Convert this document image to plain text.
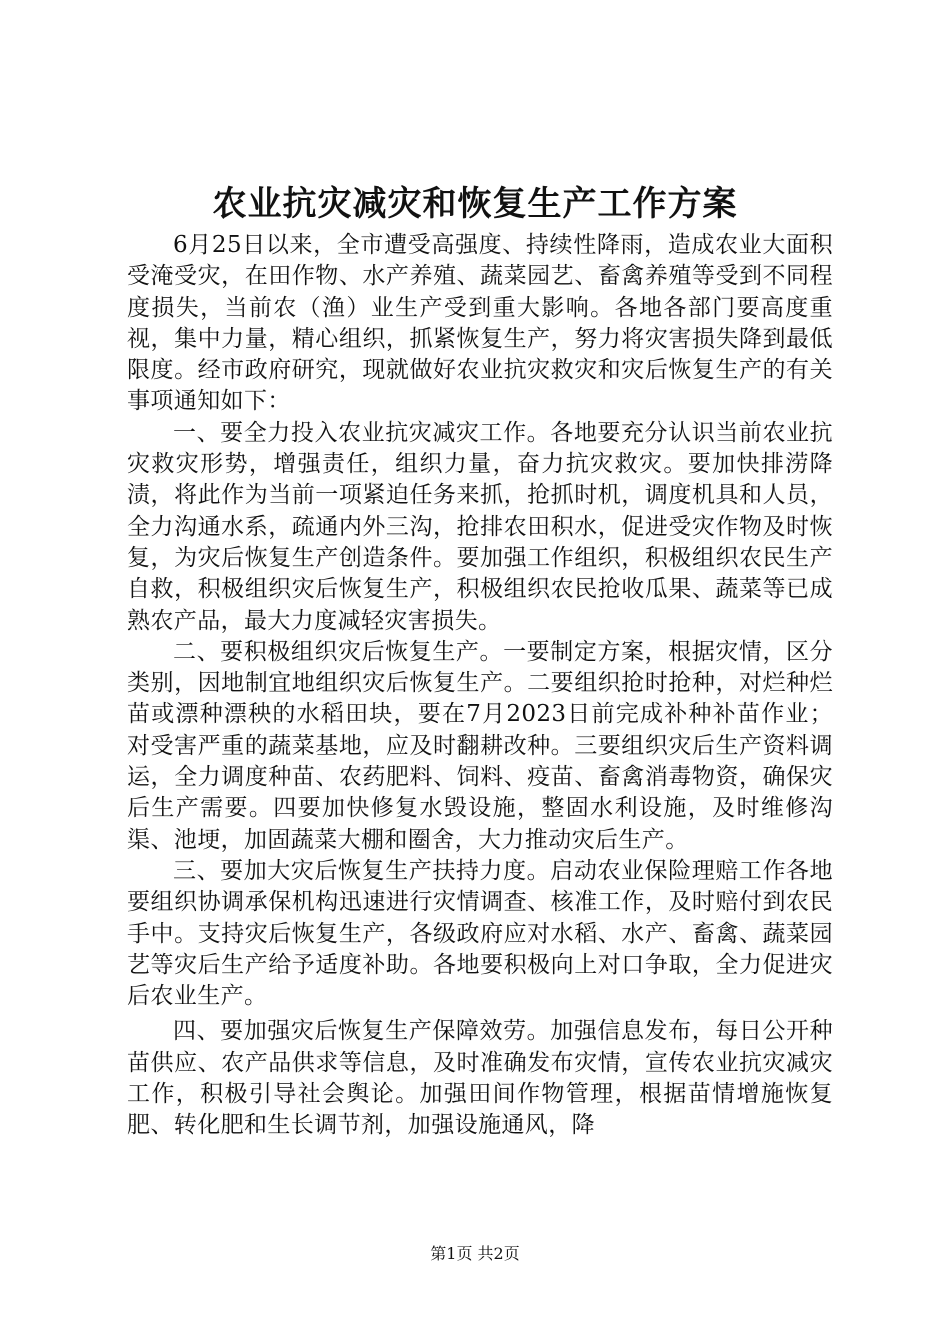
农业抗灾减灾和恢复生产工作方案

6月25日以来，全市遭受高强度、持续性降雨，造成农业大面积受淹受灾，在田作物、水产养殖、蔬菜园艺、畜禽养殖等受到不同程度损失，当前农（渔）业生产受到重大影响。各地各部门要高度重视，集中力量，精心组织，抓紧恢复生产，努力将灾害损失降到最低限度。经市政府研究，现就做好农业抗灾救灾和灾后恢复生产的有关事项通知如下：

一、要全力投入农业抗灾减灾工作。各地要充分认识当前农业抗灾救灾形势，增强责任，组织力量，奋力抗灾救灾。要加快排涝降渍，将此作为当前一项紧迫任务来抓，抢抓时机，调度机具和人员，全力沟通水系，疏通内外三沟，抢排农田积水，促进受灾作物及时恢复，为灾后恢复生产创造条件。要加强工作组织，积极组织农民生产自救，积极组织灾后恢复生产，积极组织农民抢收瓜果、蔬菜等已成熟农产品，最大力度减轻灾害损失。

二、要积极组织灾后恢复生产。一要制定方案，根据灾情，区分类别，因地制宜地组织灾后恢复生产。二要组织抢时抢种，对烂种烂苗或漂种漂秧的水稻田块，要在7月2023日前完成补种补苗作业；对受害严重的蔬菜基地，应及时翻耕改种。三要组织灾后生产资料调运，全力调度种苗、农药肥料、饲料、疫苗、畜禽消毒物资，确保灾后生产需要。四要加快修复水毁设施，整固水利设施，及时维修沟渠、池埂，加固蔬菜大棚和圈舍，大力推动灾后生产。

三、要加大灾后恢复生产扶持力度。启动农业保险理赔工作各地要组织协调承保机构迅速进行灾情调查、核准工作，及时赔付到农民手中。支持灾后恢复生产，各级政府应对水稻、水产、畜禽、蔬菜园艺等灾后生产给予适度补助。各地要积极向上对口争取，全力促进灾后农业生产。

四、要加强灾后恢复生产保障效劳。加强信息发布，每日公开种苗供应、农产品供求等信息，及时准确发布灾情，宣传农业抗灾减灾工作，积极引导社会舆论。加强田间作物管理，根据苗情增施恢复肥、转化肥和生长调节剂，加强设施通风，降

第1页 共2页
